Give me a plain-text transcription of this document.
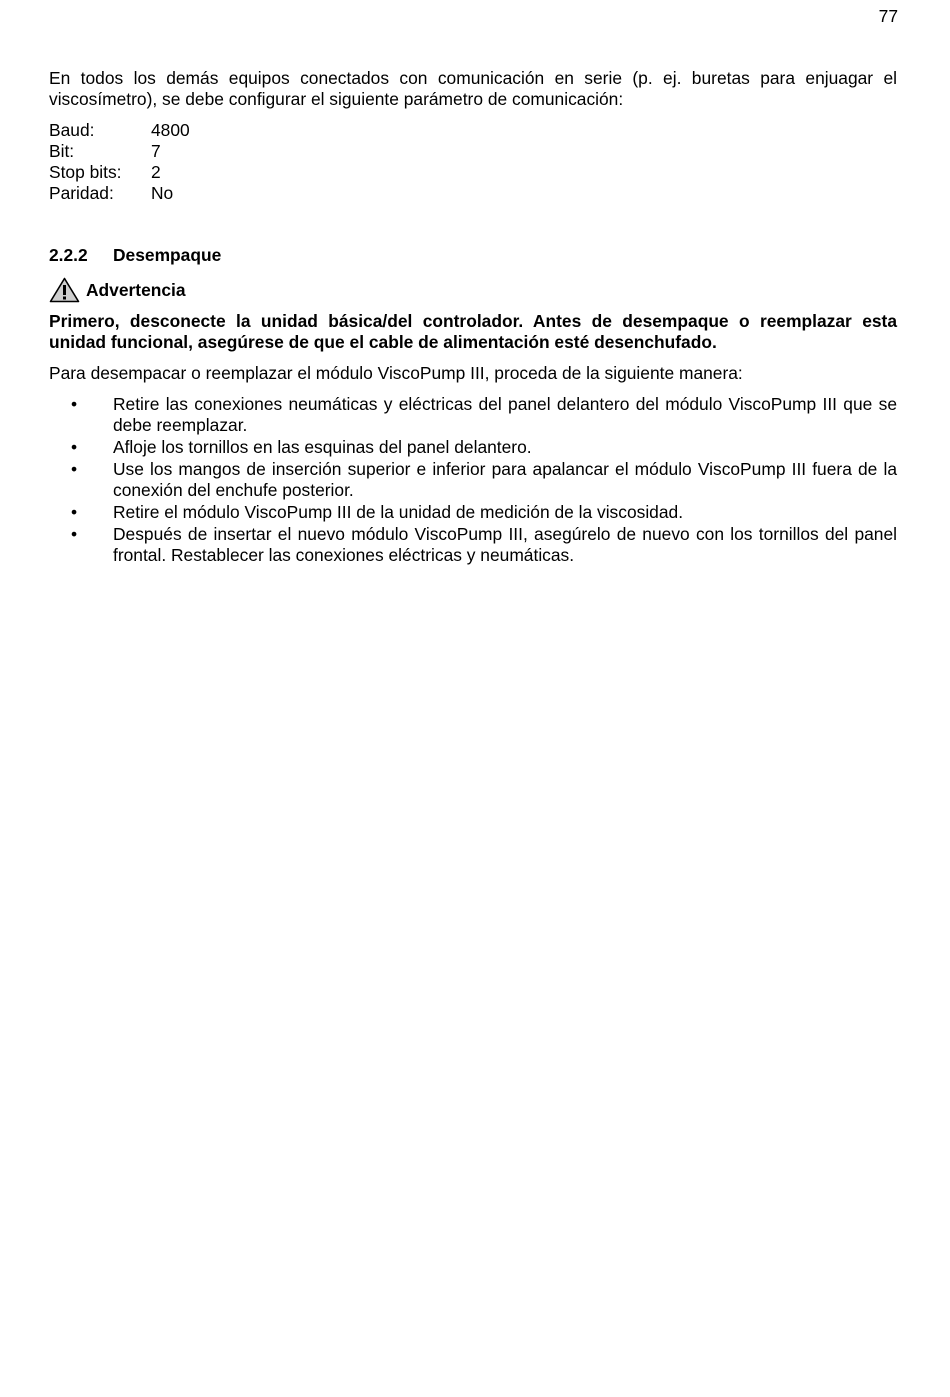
77

En todos los demás equipos conectados con comunicación en serie (p. ej. buretas para enjuagar el viscosímetro), se debe configurar el siguiente parámetro de comunicación:

Baud:	4800
Bit:	7
Stop bits:	2
Paridad:	No
2.2.2	Desempaque
Advertencia

Primero, desconecte la unidad básica/del controlador. Antes de desempaque o reemplazar esta unidad funcional, asegúrese de que el cable de alimentación esté desenchufado.

Para desempacar o reemplazar el módulo ViscoPump III, proceda de la siguiente manera:

•	Retire las conexiones neumáticas y eléctricas del panel delantero del módulo ViscoPump III que se debe reemplazar.
•	Afloje los tornillos en las esquinas del panel delantero.
•	Use los mangos de inserción superior e inferior para apalancar el módulo ViscoPump III fuera de la conexión del enchufe posterior.
•	Retire el módulo ViscoPump III de la unidad de medición de la viscosidad.
•	Después de insertar el nuevo módulo ViscoPump III, asegúrelo de nuevo con los tornillos del panel frontal. Restablecer las conexiones eléctricas y neumáticas.
